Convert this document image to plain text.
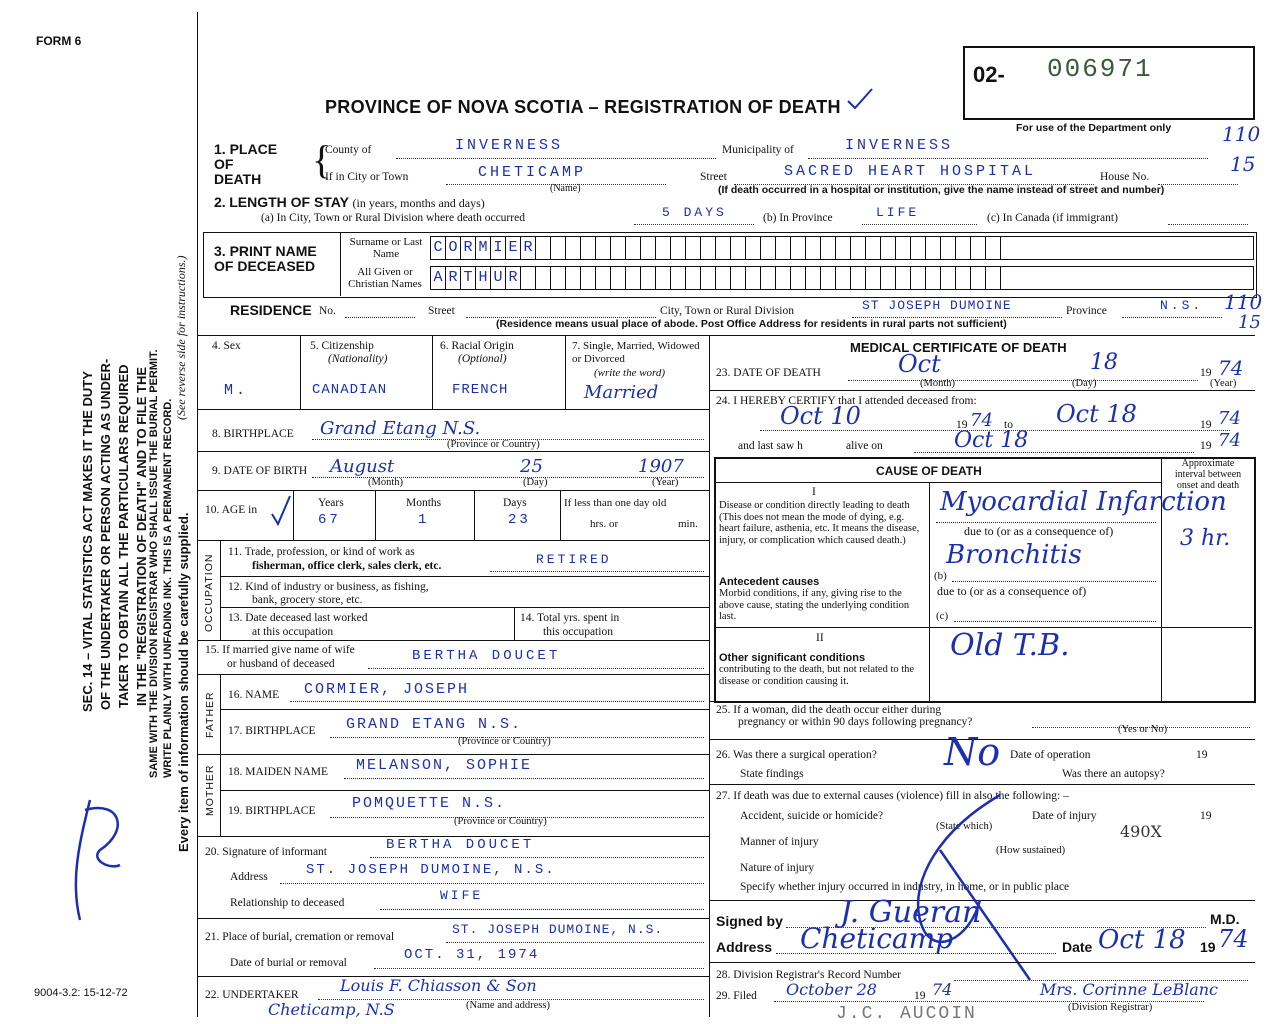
FORM 6
9004-3.2: 15-12-72
SEC. 14 – VITAL STATISTICS ACT MAKES IT THE DUTY OF THE UNDERTAKER OR PERSON ACTING AS UNDER- TAKER TO OBTAIN ALL THE PARTICULARS REQUIRED IN THE "REGISTRATION OF DEATH" AND TO FILE THE SAME WITH THE DIVISION REGISTRAR WHO SHALL ISSUE THE BURIAL PERMIT. WRITE PLAINLY WITH UNFADING INK. THIS IS A PERMANENT RECORD. Every item of information should be carefully supplied.
(See reverse side for instructions.)
PROVINCE OF NOVA SCOTIA – REGISTRATION OF DEATH
02- 006971
For use of the Department only	110
15
1. PLACE OF DEATH	{
County of	INVERNESS	Municipality of	INVERNESS
If in City or Town	CHETICAMP
(Name)
Street	SACRED HEART HOSPITAL	House No.
(If death occurred in a hospital or institution, give the name instead of street and number)
2. LENGTH OF STAY (in years, months and days)
(a) In City, Town or Rural Division where death occurred	5 DAYS	(b) In Province	LIFE	(c) In Canada (if immigrant)
3. PRINT NAME OF DECEASED
Surname or Last Name
All Given or Christian Names
C O R M I E R
A R T H U R
RESIDENCE No.	Street	City, Town or Rural Division	ST JOSEPH DUMOINE	Province	N.S. 110
15
(Residence means usual place of abode. Post Office Address for residents in rural parts not sufficient)
4. Sex
M.
5. Citizenship
(Nationality)
CANADIAN
6. Racial Origin
(Optional)
FRENCH
7. Single, Married, Widowed or Divorced
(write the word)
Married
8. BIRTHPLACE Grand Etang N.S.
(Province or Country)
9. DATE OF BIRTH August	25	1907
(Month)	(Day)	(Year)
10. AGE in
Years	Months	Days	If less than one day old
hrs. or	min.
67	1	23
OCCUPATION
11. Trade, profession, or kind of work as
fisherman, office clerk, sales clerk, etc.	RETIRED
12. Kind of industry or business, as fishing,
bank, grocery store, etc.
13. Date deceased last worked
at this occupation
14. Total yrs. spent in
this occupation
15. If married give name of wife
or husband of deceased	BERTHA DOUCET
FATHER 16. NAME CORMIER, JOSEPH
17. BIRTHPLACE GRAND ETANG N.S.
(Province or Country)
MOTHER 18. MAIDEN NAME MELANSON, SOPHIE
19. BIRTHPLACE POMQUETTE N.S.
(Province or Country)
20. Signature of informant	BERTHA DOUCET
Address	ST. JOSEPH DUMOINE, N.S.
Relationship to deceased	WIFE
21. Place of burial, cremation or removal	ST. JOSEPH DUMOINE, N.S.
Date of burial or removal	OCT. 31, 1974
22. UNDERTAKER	Louis F. Chiasson & Son
Cheticamp, N.S	(Name and address)
MEDICAL CERTIFICATE OF DEATH
23. DATE OF DEATH	Oct	18	19 74
(Month)	(Day)	(Year)
24. I HEREBY CERTIFY that I attended deceased from:
Oct 10	19 74 to Oct 18	19 74
and last saw h	alive on	Oct 18	19 74
CAUSE OF DEATH
Approximate interval between onset and death
I
Disease or condition directly leading to death (This does not mean the mode of dying, e.g. heart failure, asthenia, etc. It means the disease, injury, or complication which caused death.)
Myocardial Infarction
3 hr.
due to (or as a consequence of)
(b)
Bronchitis
Antecedent causes
Morbid conditions, if any, giving rise to the above cause, stating the underlying condition last.
due to (or as a consequence of)
(c)
II
Other significant conditions
contributing to the death, but not related to the disease or condition causing it.
Old T.B.
25. If a woman, did the death occur either during
pregnancy or within 90 days following pregnancy?
(Yes or No)
26. Was there a surgical operation? No Date of operation	19
State findings	Was there an autopsy?
27. If death was due to external causes (violence) fill in also the following: –
Accident, suicide or homicide?
(State which)
Date of injury	19
Manner of injury
490X
(How sustained)
Nature of injury
Specify whether injury occurred in industry, in home, or in public place
Signed by J. Gueran	M.D.
Address Cheticamp	Date Oct 18 19 74
28. Division Registrar's Record Number
29. Filed October 28	19 74	Mrs. Corinne LeBlanc
(Division Registrar)
J.C. AUCOIN
